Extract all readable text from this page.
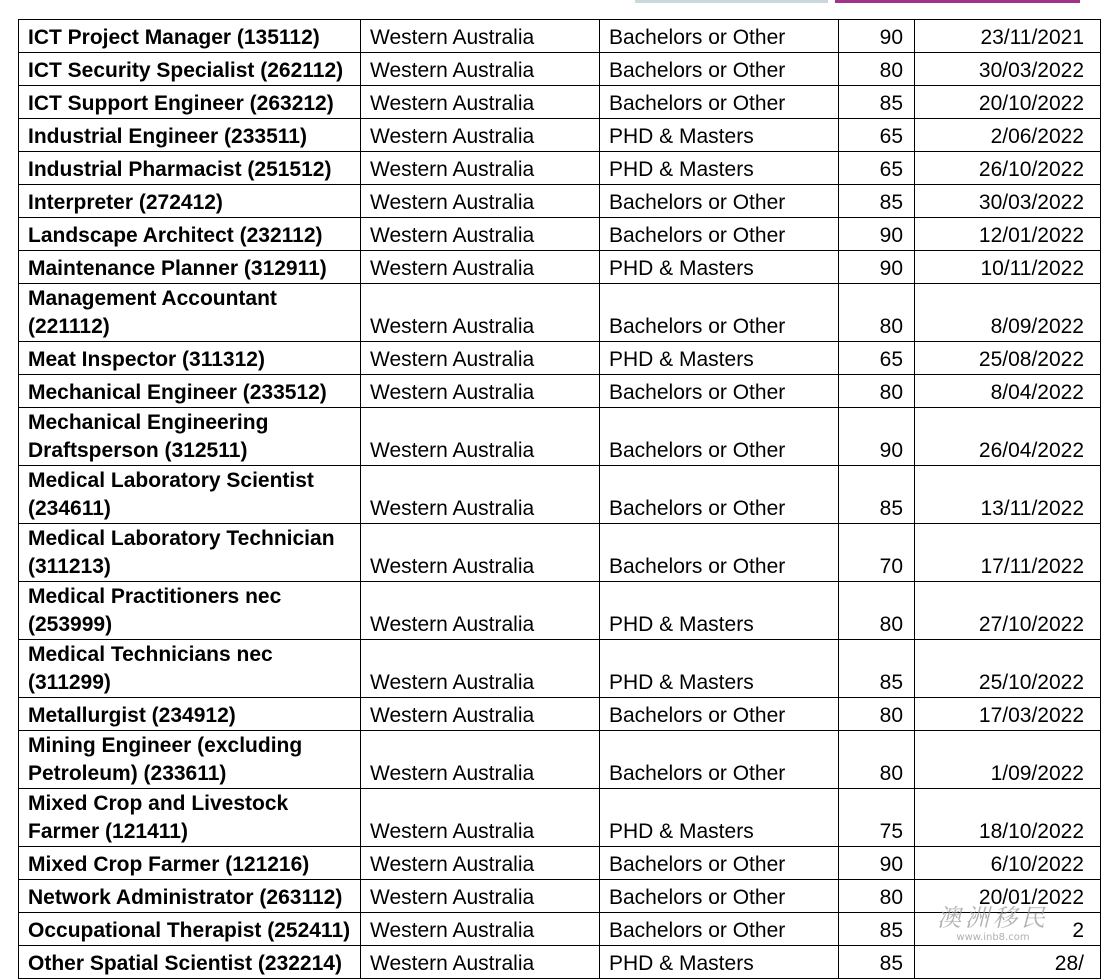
ICT Project Manager (135112)	Western Australia	Bachelors or Other	90	23/11/2021
ICT Security Specialist (262112)	Western Australia	Bachelors or Other	80	30/03/2022
ICT Support Engineer (263212)	Western Australia	Bachelors or Other	85	20/10/2022
Industrial Engineer (233511)	Western Australia	PHD & Masters	65	2/06/2022
Industrial Pharmacist (251512)	Western Australia	PHD & Masters	65	26/10/2022
Interpreter (272412)	Western Australia	Bachelors or Other	85	30/03/2022
Landscape Architect (232112)	Western Australia	Bachelors or Other	90	12/01/2022
Maintenance Planner (312911)	Western Australia	PHD & Masters	90	10/11/2022
Management Accountant (221112)	Western Australia	Bachelors or Other	80	8/09/2022
Meat Inspector (311312)	Western Australia	PHD & Masters	65	25/08/2022
Mechanical Engineer (233512)	Western Australia	Bachelors or Other	80	8/04/2022
Mechanical Engineering Draftsperson (312511)	Western Australia	Bachelors or Other	90	26/04/2022
Medical Laboratory Scientist (234611)	Western Australia	Bachelors or Other	85	13/11/2022
Medical Laboratory Technician (311213)	Western Australia	Bachelors or Other	70	17/11/2022
Medical Practitioners nec (253999)	Western Australia	PHD & Masters	80	27/10/2022
Medical Technicians nec (311299)	Western Australia	PHD & Masters	85	25/10/2022
Metallurgist (234912)	Western Australia	Bachelors or Other	80	17/03/2022
Mining Engineer (excluding Petroleum) (233611)	Western Australia	Bachelors or Other	80	1/09/2022
Mixed Crop and Livestock Farmer (121411)	Western Australia	PHD & Masters	75	18/10/2022
Mixed Crop Farmer (121216)	Western Australia	Bachelors or Other	90	6/10/2022
Network Administrator (263112)	Western Australia	Bachelors or Other	80	20/01/2022
Occupational Therapist (252411)	Western Australia	Bachelors or Other	85	2
Other Spatial Scientist (232214)	Western Australia	PHD & Masters	85	28/
澳洲移民
www.inb8.com
